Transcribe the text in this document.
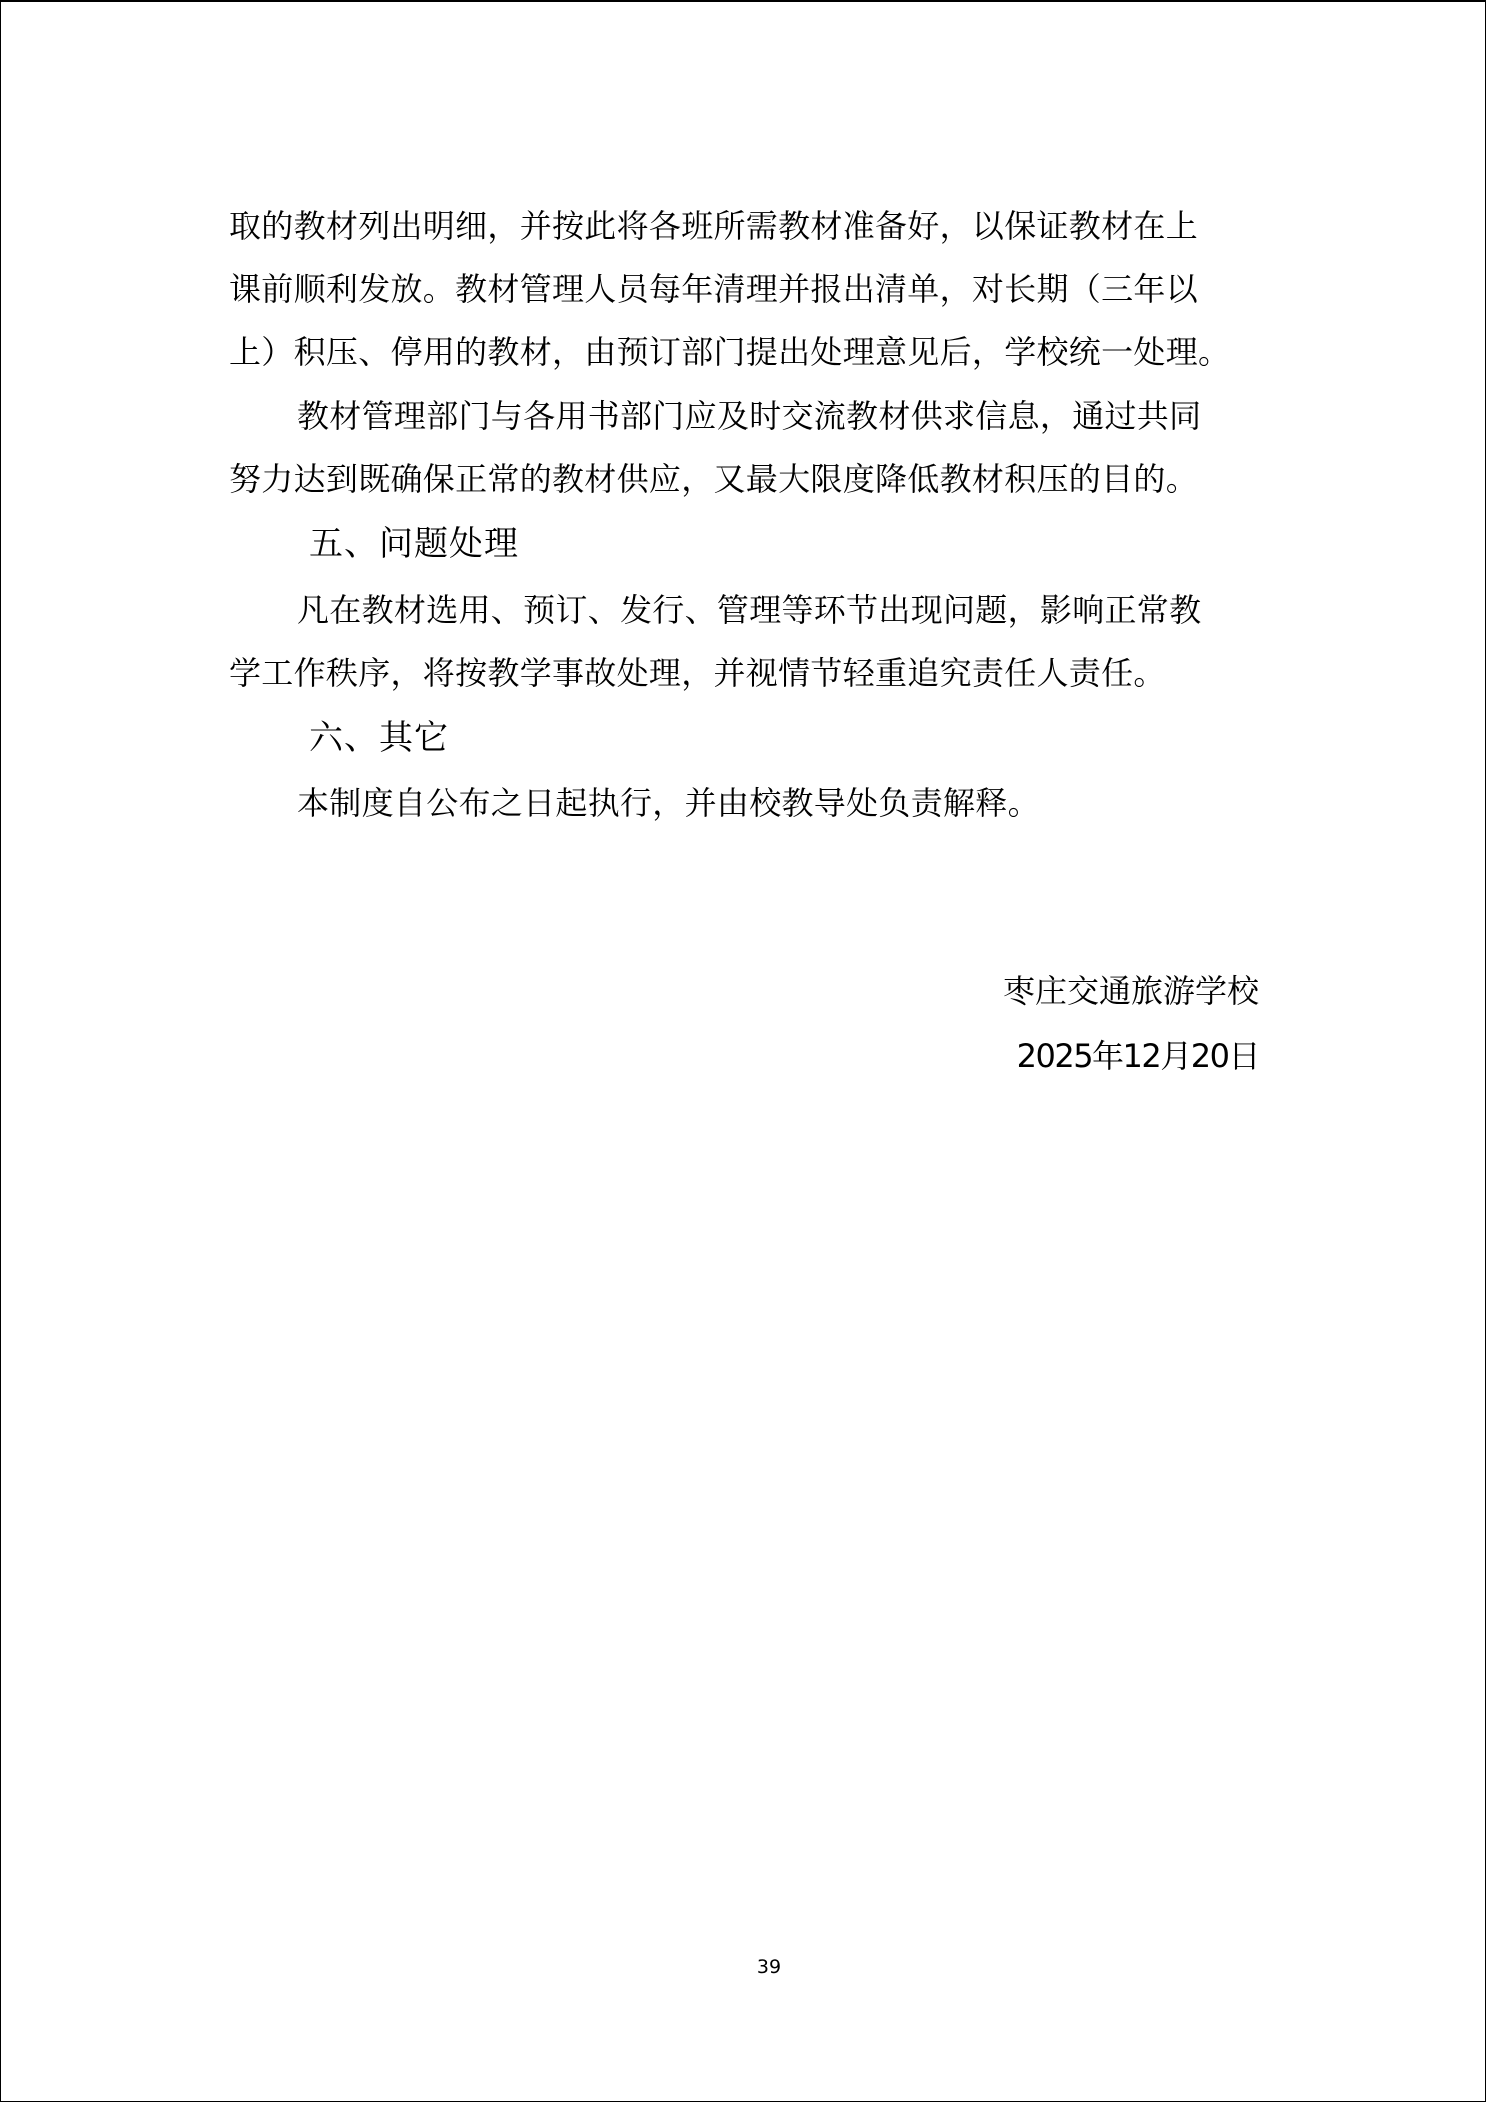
取的教材列出明细，并按此将各班所需教材准备好，以保证教材在上

课前顺利发放。教材管理人员每年清理并报出清单，对长期（三年以

上）积压、停用的教材，由预订部门提出处理意见后，学校统一处理。

教材管理部门与各用书部门应及时交流教材供求信息，通过共同

努力达到既确保正常的教材供应，又最大限度降低教材积压的目的。

五、问题处理

凡在教材选用、预订、发行、管理等环节出现问题，影响正常教

学工作秩序，将按教学事故处理，并视情节轻重追究责任人责任。

六、其它

本制度自公布之日起执行，并由校教导处负责解释。

枣庄交通旅游学校

2025年12月20日

39
